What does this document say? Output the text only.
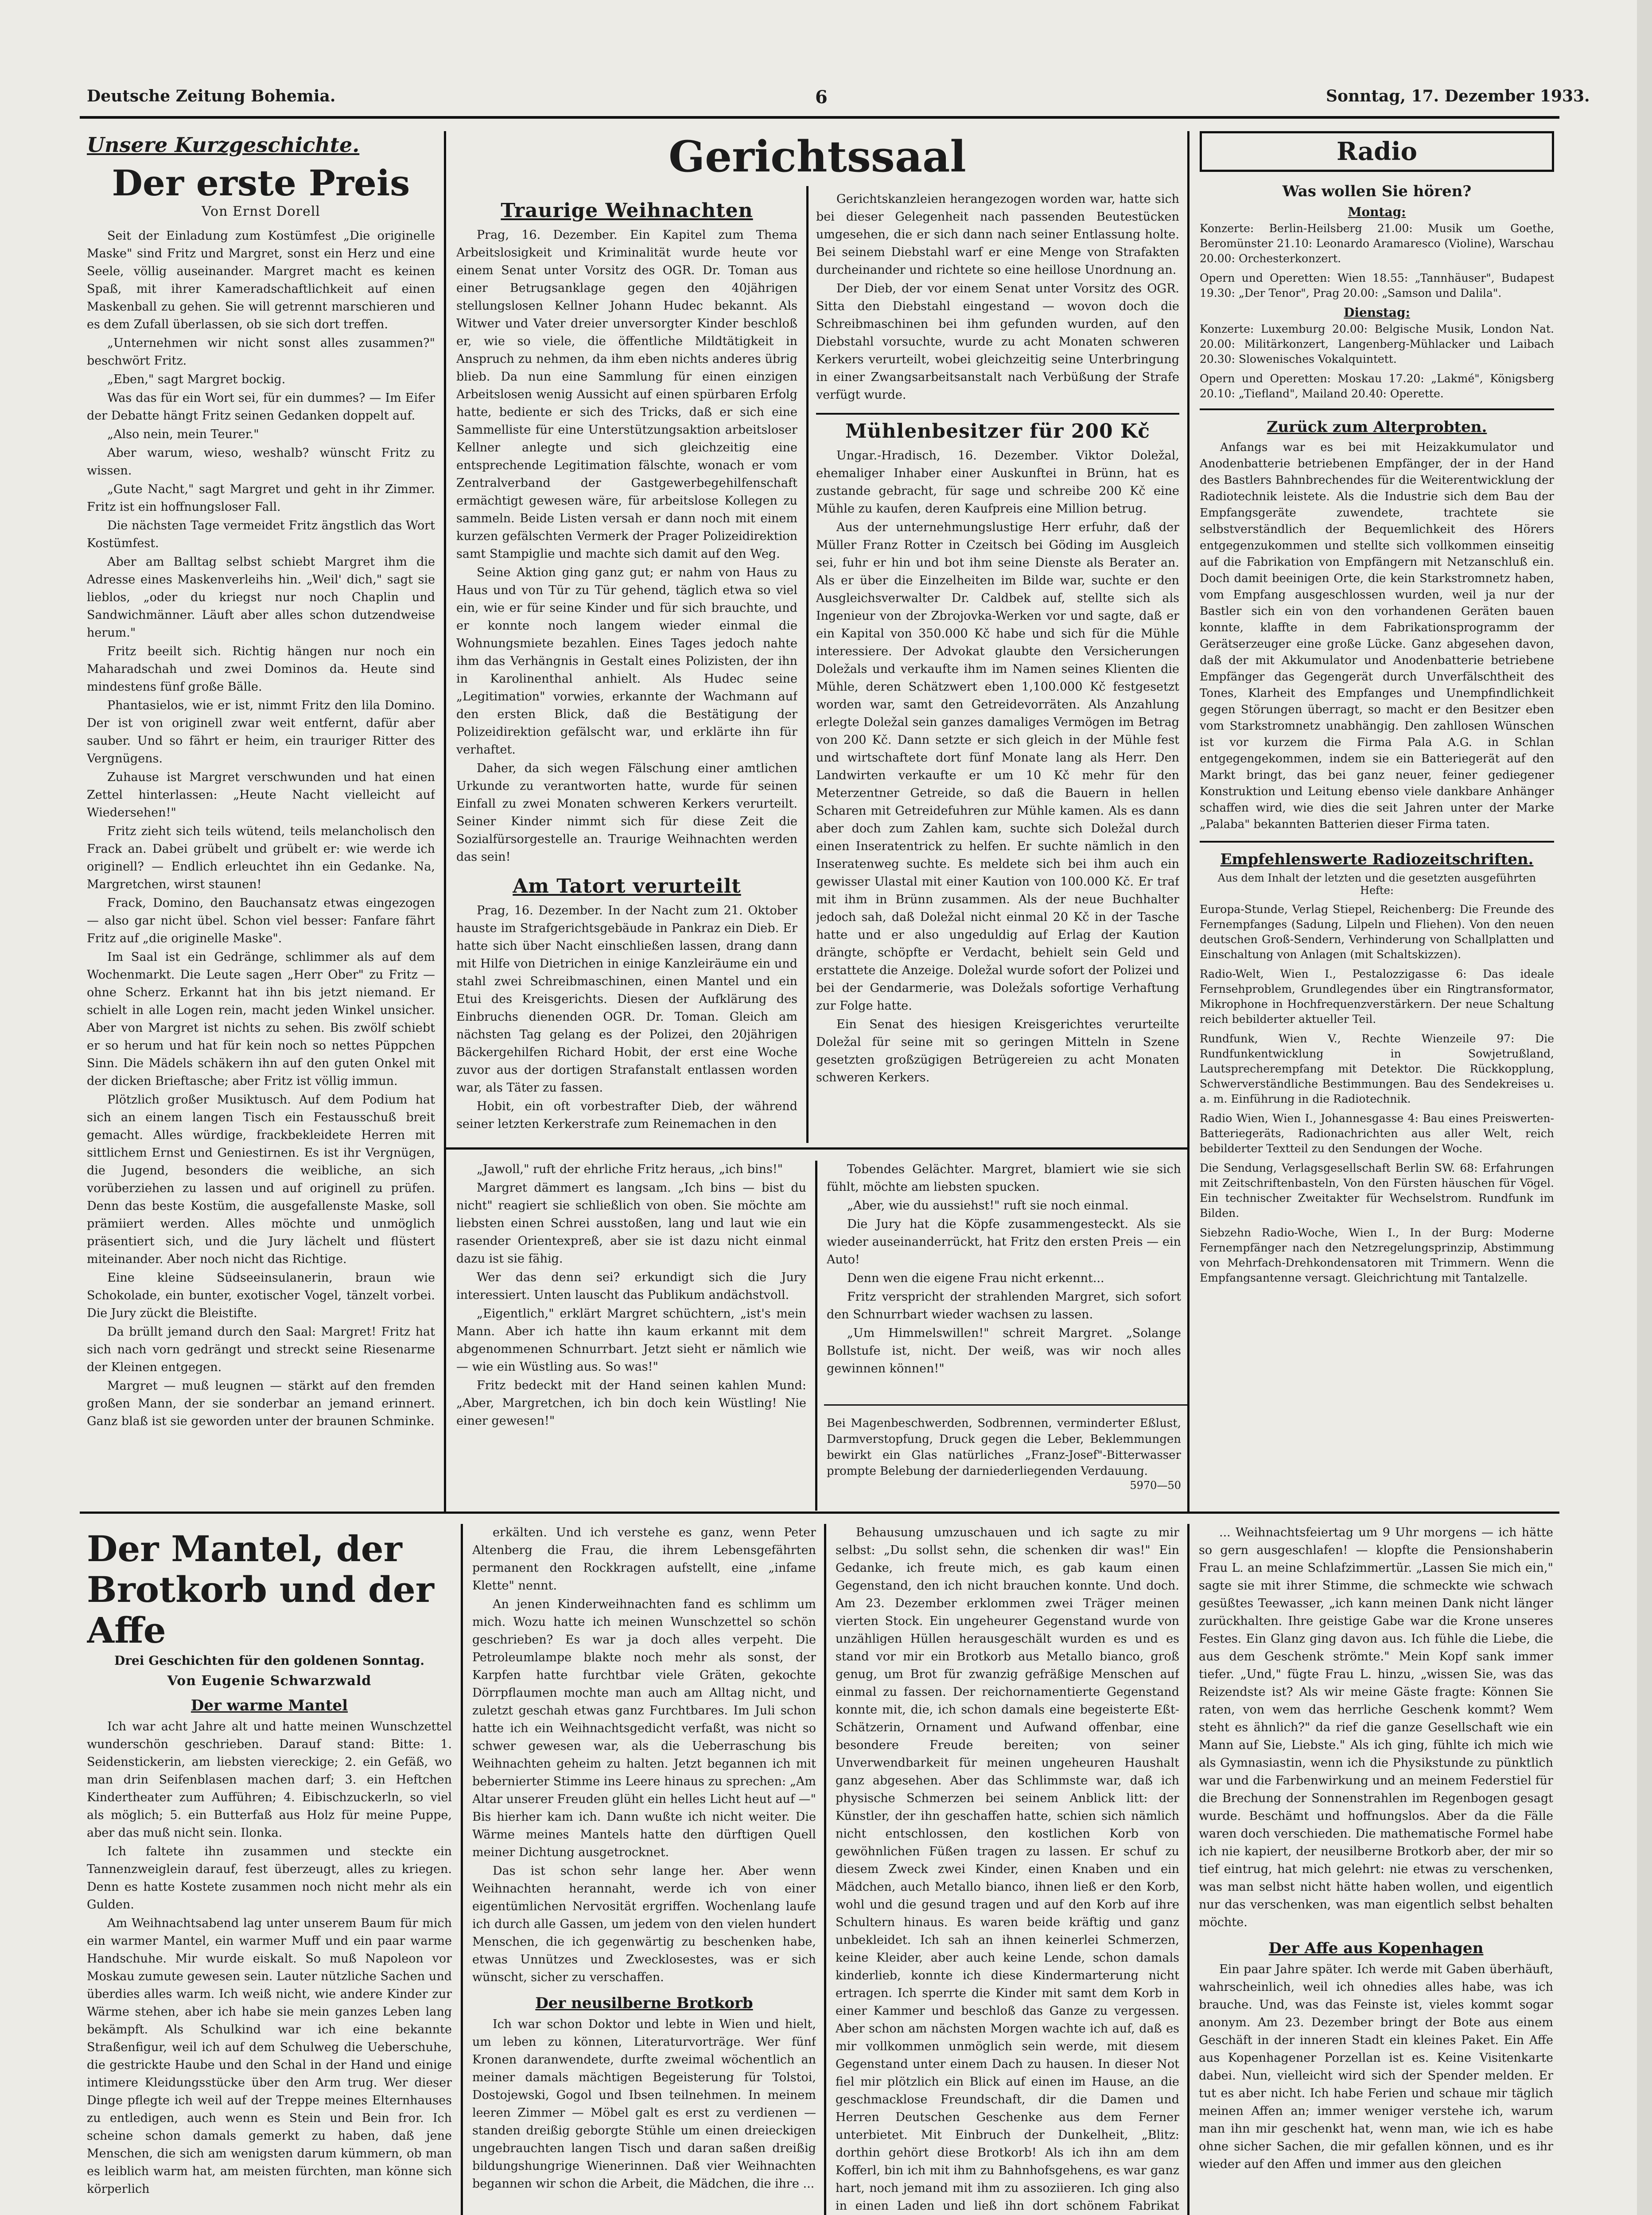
Deutsche Zeitung Bohemia.	6	Sonntag, 17. Dezember 1933.
Unsere Kurzgeschichte.
Der erste Preis
Von Ernst Dorell

Seit der Einladung zum Kostümfest „Die originelle Maske" sind Fritz und Margret, sonst ein Herz und eine Seele, völlig auseinander. Margret macht es keinen Spaß, mit ihrer Kameradschaftlichkeit auf einen Maskenball zu gehen. Sie will getrennt marschieren und es dem Zufall überlassen, ob sie sich dort treffen.

„Unternehmen wir nicht sonst alles zusammen?" beschwört Fritz.

„Eben," sagt Margret bockig.

Was das für ein Wort sei, für ein dummes? — Im Eifer der Debatte hängt Fritz seinen Gedanken doppelt auf.

„Also nein, mein Teurer."

Aber warum, wieso, weshalb? wünscht Fritz zu wissen.

„Gute Nacht," sagt Margret und geht in ihr Zimmer. Fritz ist ein hoffnungsloser Fall.

Die nächsten Tage vermeidet Fritz ängstlich das Wort Kostümfest.

Aber am Balltag selbst schiebt Margret ihm die Adresse eines Maskenverleihs hin. „Weil' dich," sagt sie lieblos, „oder du kriegst nur noch Chaplin und Sandwichmänner. Läuft aber alles schon dutzendweise herum."

Fritz beeilt sich. Richtig hängen nur noch ein Maharadschah und zwei Dominos da. Heute sind mindestens fünf große Bälle.

Phantasielos, wie er ist, nimmt Fritz den lila Domino. Der ist von originell zwar weit entfernt, dafür aber sauber. Und so fährt er heim, ein trauriger Ritter des Vergnügens.

Zuhause ist Margret verschwunden und hat einen Zettel hinterlassen: „Heute Nacht vielleicht auf Wiedersehen!"

Fritz zieht sich teils wütend, teils melancholisch den Frack an. Dabei grübelt und grübelt er: wie werde ich originell? — Endlich erleuchtet ihn ein Gedanke. Na, Margretchen, wirst staunen!

Frack, Domino, den Bauchansatz etwas eingezogen — also gar nicht übel. Schon viel besser: Fanfare fährt Fritz auf „die originelle Maske".

Im Saal ist ein Gedränge, schlimmer als auf dem Wochenmarkt. Die Leute sagen „Herr Ober" zu Fritz — ohne Scherz. Erkannt hat ihn bis jetzt niemand. Er schielt in alle Logen rein, macht jeden Winkel unsicher. Aber von Margret ist nichts zu sehen. Bis zwölf schiebt er so herum und hat für kein noch so nettes Püppchen Sinn. Die Mädels schäkern ihn auf den guten Onkel mit der dicken Brieftasche; aber Fritz ist völlig immun.

Plötzlich großer Musiktusch. Auf dem Podium hat sich an einem langen Tisch ein Festausschuß breit gemacht. Alles würdige, frackbekleidete Herren mit sittlichem Ernst und Geniestirnen. Es ist ihr Vergnügen, die Jugend, besonders die weibliche, an sich vorüberziehen zu lassen und auf originell zu prüfen. Denn das beste Kostüm, die ausgefallenste Maske, soll prämiiert werden. Alles möchte und unmöglich präsentiert sich, und die Jury lächelt und flüstert miteinander. Aber noch nicht das Richtige.

Eine kleine Südseeinsulanerin, braun wie Schokolade, ein bunter, exotischer Vogel, tänzelt vorbei. Die Jury zückt die Bleistifte.

Da brüllt jemand durch den Saal: Margret! Fritz hat sich nach vorn gedrängt und streckt seine Riesenarme der Kleinen entgegen.

Margret — muß leugnen — stärkt auf den fremden großen Mann, der sie sonderbar an jemand erinnert. Ganz blaß ist sie geworden unter der braunen Schminke.

Gerichtssaal
Traurige Weihnachten

Prag, 16. Dezember. Ein Kapitel zum Thema Arbeitslosigkeit und Kriminalität wurde heute vor einem Senat unter Vorsitz des OGR. Dr. Toman aus einer Betrugsanklage gegen den 40jährigen stellungslosen Kellner Johann Hudec bekannt. Als Witwer und Vater dreier unversorgter Kinder beschloß er, wie so viele, die öffentliche Mildtätigkeit in Anspruch zu nehmen, da ihm eben nichts anderes übrig blieb. Da nun eine Sammlung für einen einzigen Arbeitslosen wenig Aussicht auf einen spürbaren Erfolg hatte, bediente er sich des Tricks, daß er sich eine Sammelliste für eine Unterstützungsaktion arbeitsloser Kellner anlegte und sich gleichzeitig eine entsprechende Legitimation fälschte, wonach er vom Zentralverband der Gastgewerbegehilfenschaft ermächtigt gewesen wäre, für arbeitslose Kollegen zu sammeln. Beide Listen versah er dann noch mit einem kurzen gefälschten Vermerk der Prager Polizeidirektion samt Stampiglie und machte sich damit auf den Weg.

Seine Aktion ging ganz gut; er nahm von Haus zu Haus und von Tür zu Tür gehend, täglich etwa so viel ein, wie er für seine Kinder und für sich brauchte, und er konnte noch langem wieder einmal die Wohnungsmiete bezahlen. Eines Tages jedoch nahte ihm das Verhängnis in Gestalt eines Polizisten, der ihn in Karolinenthal anhielt. Als Hudec seine „Legitimation" vorwies, erkannte der Wachmann auf den ersten Blick, daß die Bestätigung der Polizeidirektion gefälscht war, und erklärte ihn für verhaftet.

Daher, da sich wegen Fälschung einer amtlichen Urkunde zu verantworten hatte, wurde für seinen Einfall zu zwei Monaten schweren Kerkers verurteilt. Seiner Kinder nimmt sich für diese Zeit die Sozialfürsorgestelle an. Traurige Weihnachten werden das sein!

Am Tatort verurteilt

Prag, 16. Dezember. In der Nacht zum 21. Oktober hauste im Strafgerichtsgebäude in Pankraz ein Dieb. Er hatte sich über Nacht einschließen lassen, drang dann mit Hilfe von Dietrichen in einige Kanzleiräume ein und stahl zwei Schreibmaschinen, einen Mantel und ein Etui des Kreisgerichts. Diesen der Aufklärung des Einbruchs dienenden OGR. Dr. Toman. Gleich am nächsten Tag gelang es der Polizei, den 20jährigen Bäckergehilfen Richard Hobit, der erst eine Woche zuvor aus der dortigen Strafanstalt entlassen worden war, als Täter zu fassen.

Hobit, ein oft vorbestrafter Dieb, der während seiner letzten Kerkerstrafe zum Reinemachen in den

Gerichtskanzleien herangezogen worden war, hatte sich bei dieser Gelegenheit nach passenden Beutestücken umgesehen, die er sich dann nach seiner Entlassung holte. Bei seinem Diebstahl warf er eine Menge von Strafakten durcheinander und richtete so eine heillose Unordnung an.

Der Dieb, der vor einem Senat unter Vorsitz des OGR. Sitta den Diebstahl eingestand — wovon doch die Schreibmaschinen bei ihm gefunden wurden, auf den Diebstahl vorsuchte, wurde zu acht Monaten schweren Kerkers verurteilt, wobei gleichzeitig seine Unterbringung in einer Zwangsarbeitsanstalt nach Verbüßung der Strafe verfügt wurde.

Mühlenbesitzer für 200 Kč

Ungar.-Hradisch, 16. Dezember. Viktor Doležal, ehemaliger Inhaber einer Auskunftei in Brünn, hat es zustande gebracht, für sage und schreibe 200 Kč eine Mühle zu kaufen, deren Kaufpreis eine Million betrug.

Aus der unternehmungslustige Herr erfuhr, daß der Müller Franz Rotter in Czeitsch bei Göding im Ausgleich sei, fuhr er hin und bot ihm seine Dienste als Berater an. Als er über die Einzelheiten im Bilde war, suchte er den Ausgleichsverwalter Dr. Caldbek auf, stellte sich als Ingenieur von der Zbrojovka-Werken vor und sagte, daß er ein Kapital von 350.000 Kč habe und sich für die Mühle interessiere. Der Advokat glaubte den Versicherungen Doležals und verkaufte ihm im Namen seines Klienten die Mühle, deren Schätzwert eben 1,100.000 Kč festgesetzt worden war, samt den Getreidevorräten. Als Anzahlung erlegte Doležal sein ganzes damaliges Vermögen im Betrag von 200 Kč. Dann setzte er sich gleich in der Mühle fest und wirtschaftete dort fünf Monate lang als Herr. Den Landwirten verkaufte er um 10 Kč mehr für den Meterzentner Getreide, so daß die Bauern in hellen Scharen mit Getreidefuhren zur Mühle kamen. Als es dann aber doch zum Zahlen kam, suchte sich Doležal durch einen Inseratentrick zu helfen. Er suchte nämlich in den Inseratenweg suchte. Es meldete sich bei ihm auch ein gewisser Ulastal mit einer Kaution von 100.000 Kč. Er traf mit ihm in Brünn zusammen. Als der neue Buchhalter jedoch sah, daß Doležal nicht einmal 20 Kč in der Tasche hatte und er also ungeduldig auf Erlag der Kaution drängte, schöpfte er Verdacht, behielt sein Geld und erstattete die Anzeige. Doležal wurde sofort der Polizei und bei der Gendarmerie, was Doležals sofortige Verhaftung zur Folge hatte.

Ein Senat des hiesigen Kreisgerichtes verurteilte Doležal für seine mit so geringen Mitteln in Szene gesetzten großzügigen Betrügereien zu acht Monaten schweren Kerkers.

„Jawoll," ruft der ehrliche Fritz heraus, „ich bins!"

Margret dämmert es langsam. „Ich bins — bist du nicht" reagiert sie schließlich von oben. Sie möchte am liebsten einen Schrei ausstoßen, lang und laut wie ein rasender Orientexpreß, aber sie ist dazu nicht einmal dazu ist sie fähig.

Wer das denn sei? erkundigt sich die Jury interessiert. Unten lauscht das Publikum andächstvoll.

„Eigentlich," erklärt Margret schüchtern, „ist's mein Mann. Aber ich hatte ihn kaum erkannt mit dem abgenommenen Schnurrbart. Jetzt sieht er nämlich wie — wie ein Wüstling aus. So was!"

Fritz bedeckt mit der Hand seinen kahlen Mund: „Aber, Margretchen, ich bin doch kein Wüstling! Nie einer gewesen!"

Tobendes Gelächter. Margret, blamiert wie sie sich fühlt, möchte am liebsten spucken.

„Aber, wie du aussiehst!" ruft sie noch einmal.

Die Jury hat die Köpfe zusammengesteckt. Als sie wieder auseinanderrückt, hat Fritz den ersten Preis — ein Auto!

Denn wen die eigene Frau nicht erkennt...

Fritz verspricht der strahlenden Margret, sich sofort den Schnurrbart wieder wachsen zu lassen.

„Um Himmelswillen!" schreit Margret. „Solange Bollstufe ist, nicht. Der weiß, was wir noch alles gewinnen können!"

Bei Magenbeschwerden, Sodbrennen, verminderter Eßlust, Darmverstopfung, Druck gegen die Leber, Beklemmungen bewirkt ein Glas natürliches „Franz-Josef"-Bitterwasser prompte Belebung der darniederliegenden Verdauung.

5970—50
Radio
Was wollen Sie hören?
Montag:

Konzerte: Berlin-Heilsberg 21.00: Musik um Goethe, Beromünster 21.10: Leonardo Aramaresco (Violine), Warschau 20.00: Orchesterkonzert.

Opern und Operetten: Wien 18.55: „Tannhäuser", Budapest 19.30: „Der Tenor", Prag 20.00: „Samson und Dalila".

Dienstag:

Konzerte: Luxemburg 20.00: Belgische Musik, London Nat. 20.00: Militärkonzert, Langenberg-Mühlacker und Laibach 20.30: Slowenisches Vokalquintett.

Opern und Operetten: Moskau 17.20: „Lakmé", Königsberg 20.10: „Tiefland", Mailand 20.40: Operette.

Zurück zum Alterprobten.

Anfangs war es bei mit Heizakkumulator und Anodenbatterie betriebenen Empfänger, der in der Hand des Bastlers Bahnbrechendes für die Weiterentwicklung der Radiotechnik leistete. Als die Industrie sich dem Bau der Empfangsgeräte zuwendete, trachtete sie selbstverständlich der Bequemlichkeit des Hörers entgegenzukommen und stellte sich vollkommen einseitig auf die Fabrikation von Empfängern mit Netzanschluß ein. Doch damit beeinigen Orte, die kein Starkstromnetz haben, vom Empfang ausgeschlossen wurden, weil ja nur der Bastler sich ein von den vorhandenen Geräten bauen konnte, klaffte in dem Fabrikationsprogramm der Gerätserzeuger eine große Lücke. Ganz abgesehen davon, daß der mit Akkumulator und Anodenbatterie betriebene Empfänger das Gegengerät durch Unverfälschtheit des Tones, Klarheit des Empfanges und Unempfindlichkeit gegen Störungen überragt, so macht er den Besitzer eben vom Starkstromnetz unabhängig. Den zahllosen Wünschen ist vor kurzem die Firma Pala A.G. in Schlan entgegengekommen, indem sie ein Batteriegerät auf den Markt bringt, das bei ganz neuer, feiner gediegener Konstruktion und Leitung ebenso viele dankbare Anhänger schaffen wird, wie dies die seit Jahren unter der Marke „Palaba" bekannten Batterien dieser Firma taten.

Empfehlenswerte Radiozeitschriften.
Aus dem Inhalt der letzten und die gesetzten ausgeführten Hefte:

Europa-Stunde, Verlag Stiepel, Reichenberg: Die Freunde des Fernempfanges (Sadung, Lilpeln und Fliehen). Von den neuen deutschen Groß-Sendern, Verhinderung von Schallplatten und Einschaltung von Anlagen (mit Schaltskizzen).

Radio-Welt, Wien I., Pestalozzigasse 6: Das ideale Fernsehproblem, Grundlegendes über ein Ringtransformator, Mikrophone in Hochfrequenzverstärkern. Der neue Schaltung reich bebilderter aktueller Teil.

Rundfunk, Wien V., Rechte Wienzeile 97: Die Rundfunkentwicklung in Sowjetrußland, Lautsprecherempfang mit Detektor. Die Rückkopplung, Schwerverständliche Bestimmungen. Bau des Sendekreises u. a. m. Einführung in die Radiotechnik.

Radio Wien, Wien I., Johannesgasse 4: Bau eines Preiswerten-Batteriegeräts, Radionachrichten aus aller Welt, reich bebilderter Textteil zu den Sendungen der Woche.

Die Sendung, Verlagsgesellschaft Berlin SW. 68: Erfahrungen mit Zeitschriftenbasteln, Von den Fürsten häuschen für Vögel. Ein technischer Zweitakter für Wechselstrom. Rundfunk im Bilden.

Siebzehn Radio-Woche, Wien I., In der Burg: Moderne Fernempfänger nach den Netzregelungsprinzip, Abstimmung von Mehrfach-Drehkondensatoren mit Trimmern. Wenn die Empfangsantenne versagt. Gleichrichtung mit Tantalzelle.

Der Mantel, der Brotkorb und der Affe
Drei Geschichten für den goldenen Sonntag.
Von Eugenie Schwarzwald
Der warme Mantel

Ich war acht Jahre alt und hatte meinen Wunschzettel wunderschön geschrieben. Darauf stand: Bitte: 1. Seidenstickerin, am liebsten viereckige; 2. ein Gefäß, wo man drin Seifenblasen machen darf; 3. ein Heftchen Kindertheater zum Aufführen; 4. Eibischzuckerln, so viel als möglich; 5. ein Butterfaß aus Holz für meine Puppe, aber das muß nicht sein. Ilonka.

Ich faltete ihn zusammen und steckte ein Tannenzweiglein darauf, fest überzeugt, alles zu kriegen. Denn es hatte Kostete zusammen noch nicht mehr als ein Gulden.

Am Weihnachtsabend lag unter unserem Baum für mich ein warmer Mantel, ein warmer Muff und ein paar warme Handschuhe. Mir wurde eiskalt. So muß Napoleon vor Moskau zumute gewesen sein. Lauter nützliche Sachen und überdies alles warm. Ich weiß nicht, wie andere Kinder zur Wärme stehen, aber ich habe sie mein ganzes Leben lang bekämpft. Als Schulkind war ich eine bekannte Straßenfigur, weil ich auf dem Schulweg die Ueberschuhe, die gestrickte Haube und den Schal in der Hand und einige intimere Kleidungsstücke über den Arm trug. Wer dieser Dinge pflegte ich weil auf der Treppe meines Elternhauses zu entledigen, auch wenn es Stein und Bein fror. Ich scheine schon damals gemerkt zu haben, daß jene Menschen, die sich am wenigsten darum kümmern, ob man es leiblich warm hat, am meisten fürchten, man könne sich körperlich

erkälten. Und ich verstehe es ganz, wenn Peter Altenberg die Frau, die ihrem Lebensgefährten permanent den Rockkragen aufstellt, eine „infame Klette" nennt.

An jenen Kinderweihnachten fand es schlimm um mich. Wozu hatte ich meinen Wunschzettel so schön geschrieben? Es war ja doch alles verpeht. Die Petroleumlampe blakte noch mehr als sonst, der Karpfen hatte furchtbar viele Gräten, gekochte Dörrpflaumen mochte man auch am Alltag nicht, und zuletzt geschah etwas ganz Furchtbares. Im Juli schon hatte ich ein Weihnachtsgedicht verfaßt, was nicht so schwer gewesen war, als die Ueberraschung bis Weihnachten geheim zu halten. Jetzt begannen ich mit bebernierter Stimme ins Leere hinaus zu sprechen: „Am Altar unserer Freuden glüht ein helles Licht heut auf —" Bis hierher kam ich. Dann wußte ich nicht weiter. Die Wärme meines Mantels hatte den dürftigen Quell meiner Dichtung ausgetrocknet.

Das ist schon sehr lange her. Aber wenn Weihnachten herannaht, werde ich von einer eigentümlichen Nervosität ergriffen. Wochenlang laufe ich durch alle Gassen, um jedem von den vielen hundert Menschen, die ich gegenwärtig zu beschenken habe, etwas Unnützes und Zwecklosestes, was er sich wünscht, sicher zu verschaffen.

Der neusilberne Brotkorb

Ich war schon Doktor und lebte in Wien und hielt, um leben zu können, Literaturvorträge. Wer fünf Kronen daranwendete, durfte zweimal wöchentlich an meiner damals mächtigen Begeisterung für Tolstoi, Dostojewski, Gogol und Ibsen teilnehmen. In meinem leeren Zimmer — Möbel galt es erst zu verdienen — standen dreißig geborgte Stühle um einen dreieckigen ungebrauchten langen Tisch und daran saßen dreißig bildungshungrige Wienerinnen. Daß vier Weihnachten begannen wir schon die Arbeit, die Mädchen, die ihre ...

Behausung umzuschauen und ich sagte zu mir selbst: „Du sollst sehn, die schenken dir was!" Ein Gedanke, ich freute mich, es gab kaum einen Gegenstand, den ich nicht brauchen konnte. Und doch. Am 23. Dezember erklommen zwei Träger meinen vierten Stock. Ein ungeheurer Gegenstand wurde von unzähligen Hüllen herausgeschält wurden es und es stand vor mir ein Brotkorb aus Metallo bianco, groß genug, um Brot für zwanzig gefräßige Menschen auf einmal zu fassen. Der reichornamentierte Gegenstand konnte mit, die, ich schon damals eine begeisterte Eßt-Schätzerin, Ornament und Aufwand offenbar, eine besondere Freude bereiten; von seiner Unverwendbarkeit für meinen ungeheuren Haushalt ganz abgesehen. Aber das Schlimmste war, daß ich physische Schmerzen bei seinem Anblick litt: der Künstler, der ihn geschaffen hatte, schien sich nämlich nicht entschlossen, den kostlichen Korb von gewöhnlichen Füßen tragen zu lassen. Er schuf zu diesem Zweck zwei Kinder, einen Knaben und ein Mädchen, auch Metallo bianco, ihnen ließ er den Korb, wohl und die gesund tragen und auf den Korb auf ihre Schultern hinaus. Es waren beide kräftig und ganz unbekleidet. Ich sah an ihnen keinerlei Schmerzen, keine Kleider, aber auch keine Lende, schon damals kinderlieb, konnte ich diese Kindermarterung nicht ertragen. Ich sperrte die Kinder mit samt dem Korb in einer Kammer und beschloß das Ganze zu vergessen. Aber schon am nächsten Morgen wachte ich auf, daß es mir vollkommen unmöglich sein werde, mit diesem Gegenstand unter einem Dach zu hausen. In dieser Not fiel mir plötzlich ein Blick auf einen im Hause, an die geschmacklose Freundschaft, dir die Damen und Herren Deutschen Geschenke aus dem Ferner unterbietet. Mit Einbruch der Dunkelheit, „Blitz: dorthin gehört diese Brotkorb! Als ich ihn am dem Kofferl, bin ich mit ihm zu Bahnhofsgehens, es war ganz hart, noch jemand mit ihm zu assoziieren. Ich ging also in einen Laden und ließ ihn dort schönem Fabrikat

... Weihnachtsfeiertag um 9 Uhr morgens — ich hätte so gern ausgeschlafen! — klopfte die Pensionshaberin Frau L. an meine Schlafzimmertür. „Lassen Sie mich ein," sagte sie mit ihrer Stimme, die schmeckte wie schwach gesüßtes Teewasser, „ich kann meinen Dank nicht länger zurückhalten. Ihre geistige Gabe war die Krone unseres Festes. Ein Glanz ging davon aus. Ich fühle die Liebe, die aus dem Geschenk strömte." Mein Kopf sank immer tiefer. „Und," fügte Frau L. hinzu, „wissen Sie, was das Reizendste ist? Als wir meine Gäste fragte: Können Sie raten, von wem das herrliche Geschenk kommt? Wem steht es ähnlich?" da rief die ganze Gesellschaft wie ein Mann auf Sie, Liebste." Als ich ging, fühlte ich mich wie als Gymnasiastin, wenn ich die Physikstunde zu pünktlich war und die Farbenwirkung und an meinem Federstiel für die Brechung der Sonnenstrahlen im Regenbogen gesagt wurde. Beschämt und hoffnungslos. Aber da die Fälle waren doch verschieden. Die mathematische Formel habe ich nie kapiert, der neusilberne Brotkorb aber, der mir so tief eintrug, hat mich gelehrt: nie etwas zu verschenken, was man selbst nicht hätte haben wollen, und eigentlich nur das verschenken, was man eigentlich selbst behalten möchte.

Der Affe aus Kopenhagen

Ein paar Jahre später. Ich werde mit Gaben überhäuft, wahrscheinlich, weil ich ohnedies alles habe, was ich brauche. Und, was das Feinste ist, vieles kommt sogar anonym. Am 23. Dezember bringt der Bote aus einem Geschäft in der inneren Stadt ein kleines Paket. Ein Affe aus Kopenhagener Porzellan ist es. Keine Visitenkarte dabei. Nun, vielleicht wird sich der Spender melden. Er tut es aber nicht. Ich habe Ferien und schaue mir täglich meinen Affen an; immer weniger verstehe ich, warum man ihn mir geschenkt hat, wenn man, wie ich es habe ohne sicher Sachen, die mir gefallen können, und es ihr wieder auf den Affen und immer aus den gleichen
